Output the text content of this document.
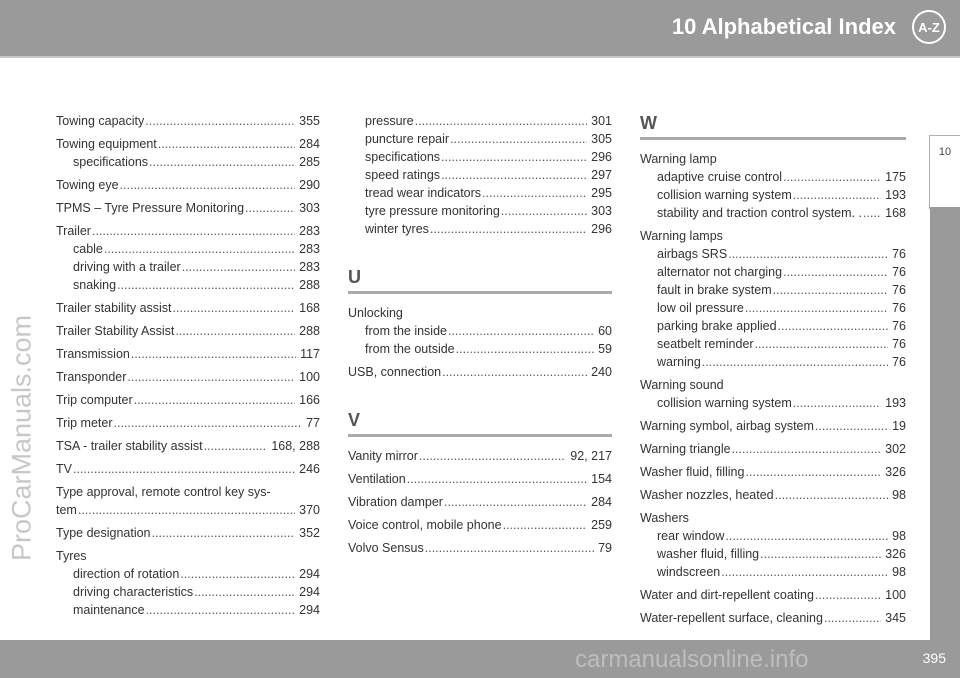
10 Alphabetical Index	A-Z
10
ProCarManuals.com
Towing capacity .....	355
Towing equipment .....	284
specifications .....	285
Towing eye .....	290
TPMS – Tyre Pressure Monitoring .....	303
Trailer .....	283
cable .....	283
driving with a trailer .....	283
snaking .....	288
Trailer stability assist .....	168
Trailer Stability Assist .....	288
Transmission .....	117
Transponder .....	100
Trip computer .....	166
Trip meter .....	77
TSA - trailer stability assist .....	168, 288
TV .....	246
Type approval, remote control key sys-
tem .....	370
Type designation .....	352
Tyres
direction of rotation .....	294
driving characteristics .....	294
maintenance .....	294
pressure .....	301
puncture repair .....	305
specifications .....	296
speed ratings .....	297
tread wear indicators .....	295
tyre pressure monitoring .....	303
winter tyres .....	296
U
Unlocking
from the inside .....	60
from the outside .....	59
USB, connection .....	240
V
Vanity mirror .....	92, 217
Ventilation .....	154
Vibration damper .....	284
Voice control, mobile phone .....	259
Volvo Sensus .....	79
W
Warning lamp
adaptive cruise control .....	175
collision warning system .....	193
stability and traction control system. . ..... 168
Warning lamps
airbags SRS .....	76
alternator not charging .....	76
fault in brake system .....	76
low oil pressure .....	76
parking brake applied .....	76
seatbelt reminder .....	76
warning .....	76
Warning sound
collision warning system .....	193
Warning symbol, airbag system .....	19
Warning triangle .....	302
Washer fluid, filling .....	326
Washer nozzles, heated .....	98
Washers
rear window .....	98
washer fluid, filling .....	326
windscreen .....	98
Water and dirt-repellent coating .....	100
Water-repellent surface, cleaning .....	345
carmanualsonline.info	395
